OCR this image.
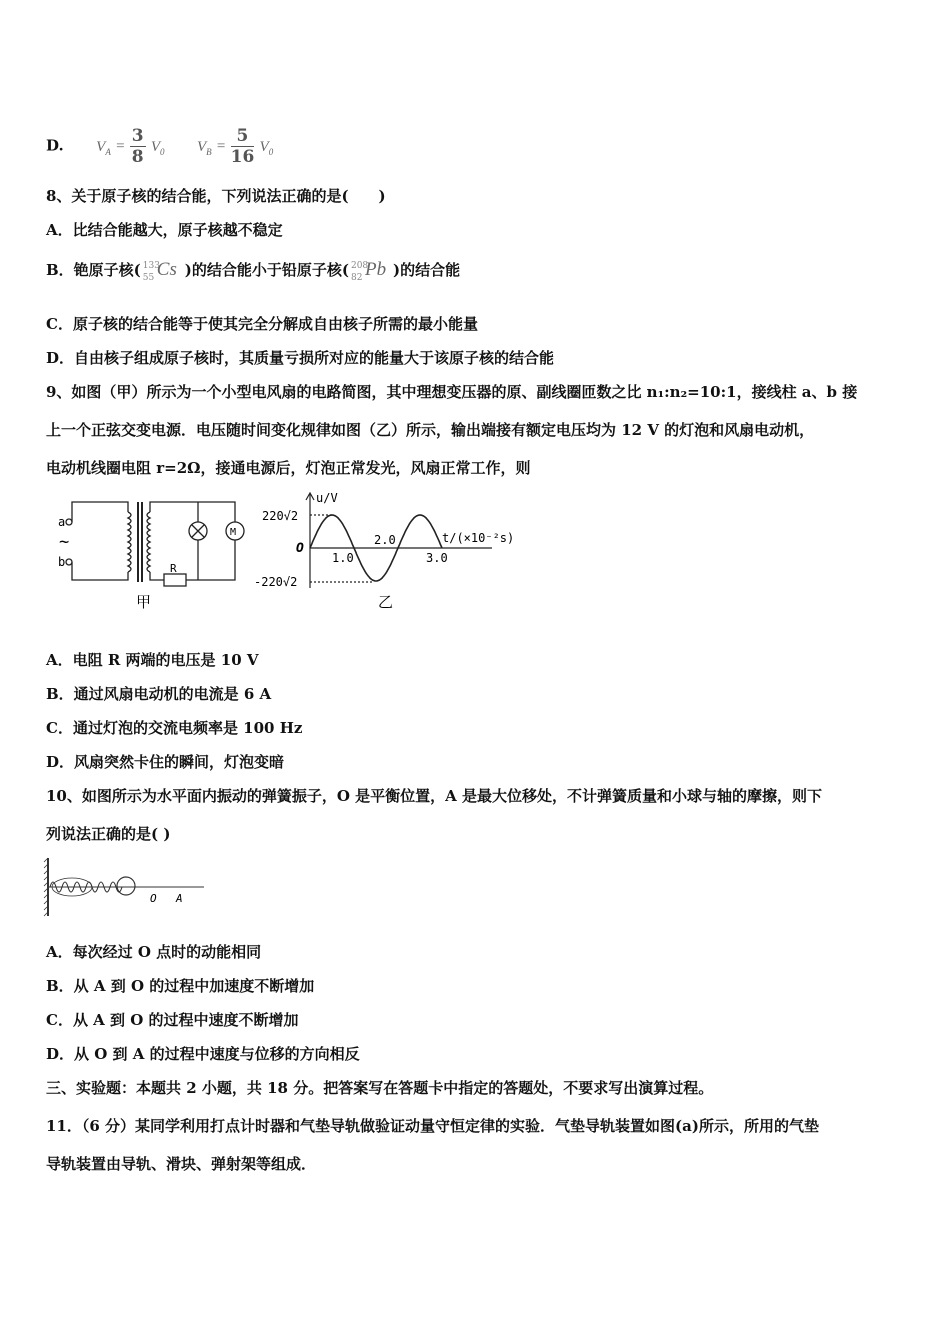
D. $V_A = \frac{3}{8} V_0$ $V_B = \frac{5}{16} V_0$
8、关于原子核的结合能，下列说法正确的是(　　)
A．比结合能越大，原子核越不稳定
B．铯原子核( 133
55 Cs )的结合能小于铅原子核( 208
82 Pb )的结合能
C．原子核的结合能等于使其完全分解成自由核子所需的最小能量
D．自由核子组成原子核时，其质量亏损所对应的能量大于该原子核的结合能
9、如图（甲）所示为一个小型电风扇的电路简图，其中理想变压器的原、副线圈匝数之比 n₁:n₂=10:1，接线柱 a、b 接
上一个正弦交变电源．电压随时间变化规律如图（乙）所示，输出端接有额定电压均为 12 V 的灯泡和风扇电动机，
电动机线圈电阻 r=2Ω，接通电源后，灯泡正常发光，风扇正常工作，则
a
b
~
R
M
甲
u/V
t/(×10⁻²s)
O
220√2
-220√2
1.0
2.0
3.0
乙
A．电阻 R 两端的电压是 10 V
B．通过风扇电动机的电流是 6 A
C．通过灯泡的交流电频率是 100 Hz
D．风扇突然卡住的瞬间，灯泡变暗
10、如图所示为水平面内振动的弹簧振子，O 是平衡位置，A 是最大位移处，不计弹簧质量和小球与轴的摩擦，则下
列说法正确的是( )
O A
A．每次经过 O 点时的动能相同
B．从 A 到 O 的过程中加速度不断增加
C．从 A 到 O 的过程中速度不断增加
D．从 O 到 A 的过程中速度与位移的方向相反
三、实验题：本题共 2 小题，共 18 分。把答案写在答题卡中指定的答题处，不要求写出演算过程。
11．（6 分）某同学利用打点计时器和气垫导轨做验证动量守恒定律的实验．气垫导轨装置如图(a)所示，所用的气垫
导轨装置由导轨、滑块、弹射架等组成．
